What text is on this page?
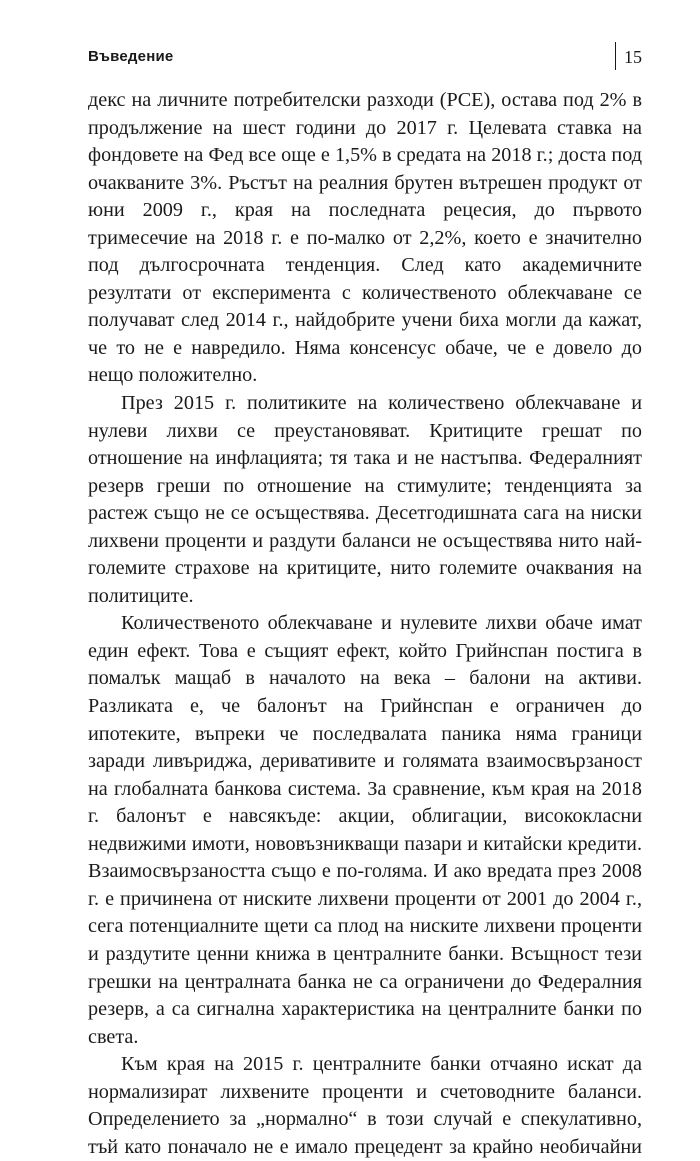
Въведение	15

декс на личните потребителски разходи (PCE), остава под 2% в продължение на шест години до 2017 г. Целевата ставка на фондовете на Фед все още е 1,5% в средата на 2018 г.; доста под очакваните 3%. Ръстът на реалния брутен вътрешен продукт от юни 2009 г., края на последната рецесия, до първото тримесечие на 2018 г. е по-малко от 2,2%, което е значително под дългосрочната тенденция. След като академичните резултати от експеримента с количественото облекчаване се получават след 2014 г., найдобрите учени биха могли да кажат, че то не е навредило. Няма консенсус обаче, че е довело до нещо положително.

През 2015 г. политиките на количествено облекчаване и нулеви лихви се преустановяват. Критиците грешат по отношение на инфлацията; тя така и не настъпва. Федералният резерв греши по отношение на стимулите; тенденцията за растеж също не се осъществява. Десетгодишната сага на ниски лихвени проценти и раздути баланси не осъществява нито най-големите страхове на критиците, нито големите очаквания на политиците.

Количественото облекчаване и нулевите лихви обаче имат един ефект. Това е същият ефект, който Грийнспан постига в помалък мащаб в началото на века – балони на активи. Разликата е, че балонът на Грийнспан е ограничен до ипотеките, въпреки че последвалата паника няма граници заради ливъриджа, деривативите и голямата взаимосвързаност на глобалната банкова система. За сравнение, към края на 2018 г. балонът е навсякъде: акции, облигации, висококласни недвижими имоти, нововъзникващи пазари и китайски кредити. Взаимосвързаността също е по-голяма. И ако вредата през 2008 г. е причинена от ниските лихвени проценти от 2001 до 2004 г., сега потенциалните щети са плод на ниските лихвени проценти и раздутите ценни книжа в централните банки. Всъщност тези грешки на централната банка не са ограничени до Федералния резерв, а са сигнална характеристика на централните банки по света.

Към края на 2015 г. централните банки отчаяно искат да нормализират лихвените проценти и счетоводните баланси. Определението за „нормално“ в този случай е спекулативно, тъй като поначало не е имало прецедент за крайно необичайни
